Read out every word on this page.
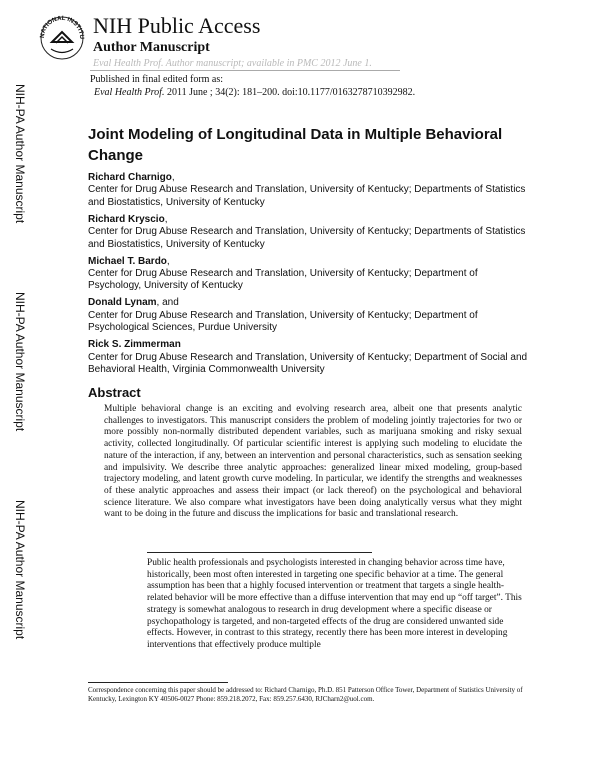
NATIONAL INSTITU NIH Public Access
Author Manuscript
Eval Health Prof. Author manuscript; available in PMC 2012 June 1.
Published in final edited form as:
Eval Health Prof. 2011 June ; 34(2): 181–200. doi:10.1177/0163278710392982.
NIH-PA Author Manuscript
NIH-PA Author Manuscript
NIH-PA Author Manuscript
Joint Modeling of Longitudinal Data in Multiple Behavioral Change
Richard Charnigo,
Center for Drug Abuse Research and Translation, University of Kentucky; Departments of Statistics and Biostatistics, University of Kentucky
Richard Kryscio,
Center for Drug Abuse Research and Translation, University of Kentucky; Departments of Statistics and Biostatistics, University of Kentucky
Michael T. Bardo,
Center for Drug Abuse Research and Translation, University of Kentucky; Department of Psychology, University of Kentucky
Donald Lynam, and
Center for Drug Abuse Research and Translation, University of Kentucky; Department of Psychological Sciences, Purdue University
Rick S. Zimmerman
Center for Drug Abuse Research and Translation, University of Kentucky; Department of Social and Behavioral Health, Virginia Commonwealth University
Abstract
Multiple behavioral change is an exciting and evolving research area, albeit one that presents analytic challenges to investigators. This manuscript considers the problem of modeling jointly trajectories for two or more possibly non-normally distributed dependent variables, such as marijuana smoking and risky sexual activity, collected longitudinally. Of particular scientific interest is applying such modeling to elucidate the nature of the interaction, if any, between an intervention and personal characteristics, such as sensation seeking and impulsivity. We describe three analytic approaches: generalized linear mixed modeling, group-based trajectory modeling, and latent growth curve modeling. In particular, we identify the strengths and weaknesses of these analytic approaches and assess their impact (or lack thereof) on the psychological and behavioral science literature. We also compare what investigators have been doing analytically versus what they might want to be doing in the future and discuss the implications for basic and translational research.
Public health professionals and psychologists interested in changing behavior across time have, historically, been most often interested in targeting one specific behavior at a time. The general assumption has been that a highly focused intervention or treatment that targets a single health-related behavior will be more effective than a diffuse intervention that may end up “off target”. This strategy is somewhat analogous to research in drug development where a specific disease or psychopathology is targeted, and non-targeted effects of the drug are considered unwanted side effects. However, in contrast to this strategy, recently there has been more interest in developing interventions that effectively produce multiple
Correspondence concerning this paper should be addressed to: Richard Charnigo, Ph.D. 851 Patterson Office Tower, Department of Statistics University of Kentucky, Lexington KY 40506-0027 Phone: 859.218.2072, Fax: 859.257.6430, RJCharn2@uol.com.
